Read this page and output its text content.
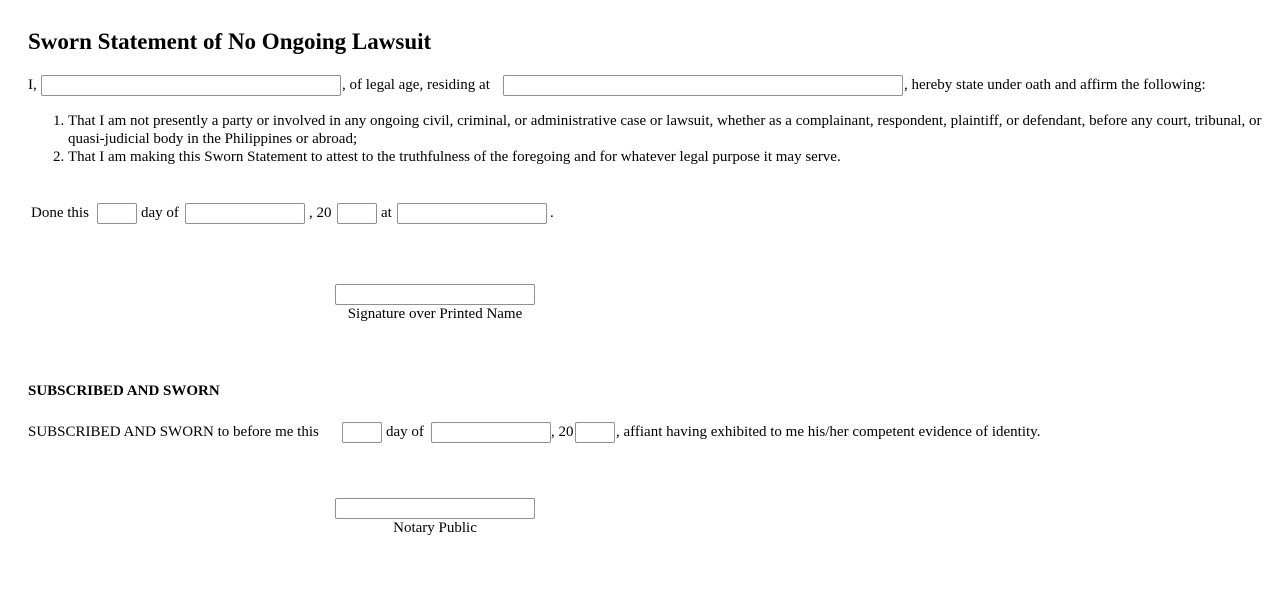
Sworn Statement of No Ongoing Lawsuit
I,	, of legal age, residing at	, hereby state under oath and affirm the following:
1. That I am not presently a party or involved in any ongoing civil, criminal, or administrative case or lawsuit, whether as a complainant, respondent, plaintiff, or defendant, before any court, tribunal, or quasi-judicial body in the Philippines or abroad;
2. That I am making this Sworn Statement to attest to the truthfulness of the foregoing and for whatever legal purpose it may serve.
Done this	day of	, 20	at	.
Signature over Printed Name
SUBSCRIBED AND SWORN
SUBSCRIBED AND SWORN to before me this	day of	, 20	, affiant having exhibited to me his/her competent evidence of identity.
Notary Public
